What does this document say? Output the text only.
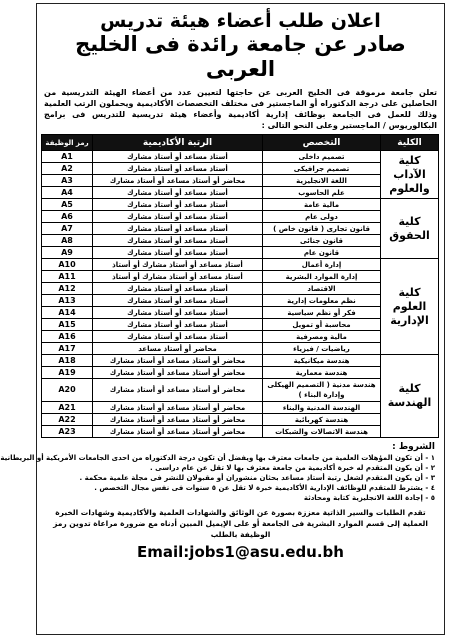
اعلان طلب أعضاء هيئة تدريس
صادر عن جامعة رائدة فى الخليج العربى
تعلن جامعة مرموقة فى الخليج العربى عن حاجتها لتعيين عدد من أعضاء الهيئة التدريسية من الحاصلين على درجة الدكتوراه أو الماجستير فى مختلف التخصصات الأكاديمية ويحملون الرتب العلمية وذلك للعمل فى الجامعة بوظائف إدارية أكاديمية وأعضاء هيئة تدريسية للتدريس فى برامج البكالوريوس / الماجستير وعلى النحو التالى :
الكلية	التخصص	الرتبة الأكاديمية	رمز الوظيفة
كلية الآداب والعلوم	تصميم داخلى	أستاذ مساعد أو أستاذ مشارك	A1
	تصميم جرافيكى	أستاذ مساعد أو أستاذ مشارك	A2
	اللغة الانجليزية	محاضر أو أستاذ مساعد أو أستاذ مشارك	A3
	علم الحاسوب	أستاذ مساعد أو أستاذ مشارك	A4
كلية الحقوق	مالية عامة	أستاذ مساعد أو أستاذ مشارك	A5
	دولى عام	أستاذ مساعد أو أستاذ مشارك	A6
	قانون تجارى ( قانون خاص )	أستاذ مساعد أو أستاذ مشارك	A7
	قانون جنائى	أستاذ مساعد أو أستاذ مشارك	A8
	قانون عام	أستاذ مساعد أو أستاذ مشارك	A9
كلية العلوم الإدارية	إدارة أعمال	أستاذ مساعد أو أستاذ مشارك أو أستاذ	A10
	إدارة الموارد البشرية	أستاذ مساعد أو أستاذ مشارك أو أستاذ	A11
	الاقتصاد	أستاذ مساعد أو أستاذ مشارك	A12
	نظم معلومات إدارية	أستاذ مساعد أو أستاذ مشارك	A13
	فكر أو نظم سياسية	أستاذ مساعد أو أستاذ مشارك	A14
	محاسبة أو تمويل	أستاذ مساعد أو أستاذ مشارك	A15
	مالية ومصرفية	أستاذ مساعد أو أستاذ مشارك	A16
	رياضيات / فيزياء	محاضر أو أستاذ مساعد	A17
كلية الهندسة	هندسة ميكانيكية	محاضر أو أستاذ مساعد أو أستاذ مشارك	A18
	هندسة معمارية	محاضر أو أستاذ مساعد أو أستاذ مشارك	A19
	هندسة مدنية ( التصميم الهيكلى وإدارة البناء )	محاضر أو أستاذ مساعد أو أستاذ مشارك	A20
	الهندسة المدنية والبناء	محاضر أو أستاذ مساعد أو أستاذ مشارك	A21
	هندسة كهربائية	محاضر أو أستاذ مساعد أو أستاذ مشارك	A22
	هندسة الاتصالات والشبكات	محاضر أو أستاذ مساعد أو أستاذ مشارك	A23
الشروط :
١ - أن تكون المؤهلات العلمية من جامعات معترف بها ويفضل أن تكون درجة الدكتوراه من احدى الجامعات الأمريكية أو البريطانية
٢ - أن يكون المتقدم له خبرة أكاديمية من جامعة معترف بها لا تقل عن عام دراسى .
٣ - أن يكون المتقدم لشغل رتبة أستاذ مساعد بحثان منشوران أو مقبولان للنشر فى مجلة علمية محكمة .
٤ - يشترط للمتقدم للوظائف الإدارية الأكاديمية خبرة لا تقل عن ٥ سنوات فى نفس مجال التخصص .
٥ - إجادة اللغة الانجليزية كتابة ومحادثة
تقدم الطلبات والسير الذاتية معززة بصورة عن الوثائق والشهادات العلمية والأكاديمية وشهادات الخبرة العملية إلى قسم الموارد البشرية فى الجامعة أو على الإيميل المبين أدناه مع ضرورة مراعاة تدوين رمز الوظيفة بالطلب
Email:jobs1@asu.edu.bh
